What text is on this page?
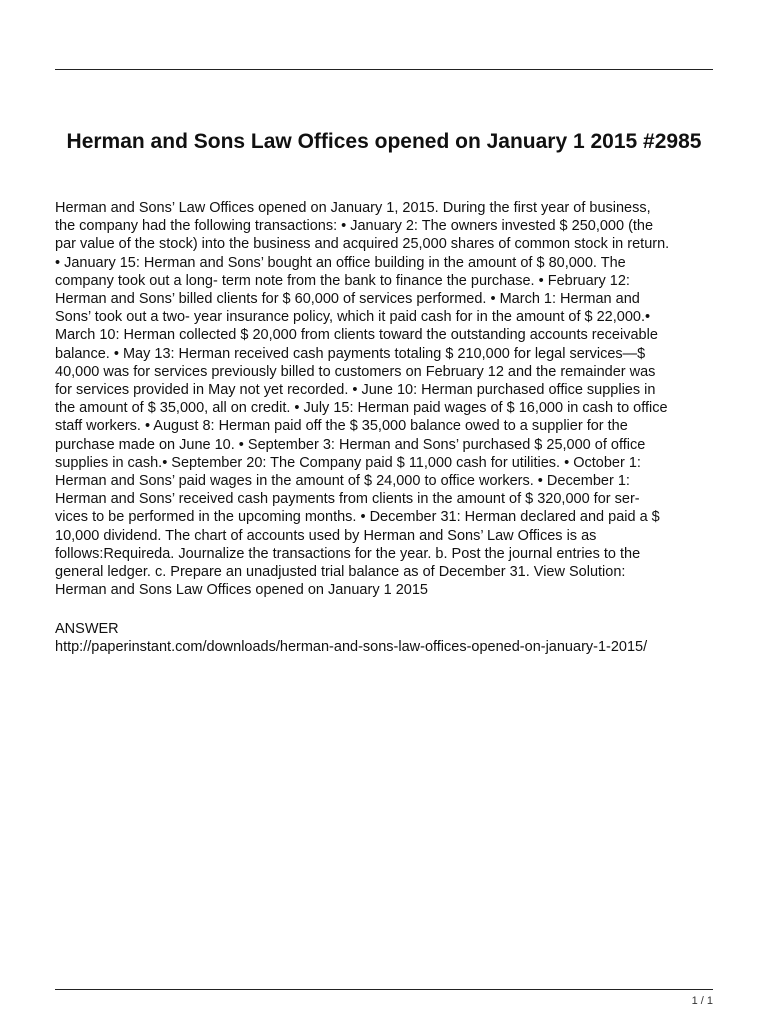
Herman and Sons Law Offices opened on January 1 2015 #2985

Herman and Sons’ Law Offices opened on January 1, 2015. During the first year of business,
the company had the following transactions: • January 2: The owners invested $ 250,000 (the
par value of the stock) into the business and acquired 25,000 shares of common stock in return.
• January 15: Herman and Sons’ bought an office building in the amount of $ 80,000. The
company took out a long- term note from the bank to finance the purchase. • February 12:
Herman and Sons’ billed clients for $ 60,000 of services performed. • March 1: Herman and
Sons’ took out a two- year insurance policy, which it paid cash for in the amount of $ 22,000.•
March 10: Herman collected $ 20,000 from clients toward the outstanding accounts receivable
balance. • May 13: Herman received cash payments totaling $ 210,000 for legal services—$
40,000 was for services previously billed to customers on February 12 and the remainder was
for services provided in May not yet recorded. • June 10: Herman purchased office supplies in
the amount of $ 35,000, all on credit. • July 15: Herman paid wages of $ 16,000 in cash to office
staff workers. • August 8: Herman paid off the $ 35,000 balance owed to a supplier for the
purchase made on June 10. • September 3: Herman and Sons’ purchased $ 25,000 of office
supplies in cash.• September 20: The Company paid $ 11,000 cash for utilities. • October 1:
Herman and Sons’ paid wages in the amount of $ 24,000 to office workers. • December 1:
Herman and Sons’ received cash payments from clients in the amount of $ 320,000 for ser-
vices to be performed in the upcoming months. • December 31: Herman declared and paid a $
10,000 dividend. The chart of accounts used by Herman and Sons’ Law Offices is as
follows:Requireda. Journalize the transactions for the year. b. Post the journal entries to the
general ledger. c. Prepare an unadjusted trial balance as of December 31. View Solution:
Herman and Sons Law Offices opened on January 1 2015

ANSWER
http://paperinstant.com/downloads/herman-and-sons-law-offices-opened-on-january-1-2015/

1 / 1
